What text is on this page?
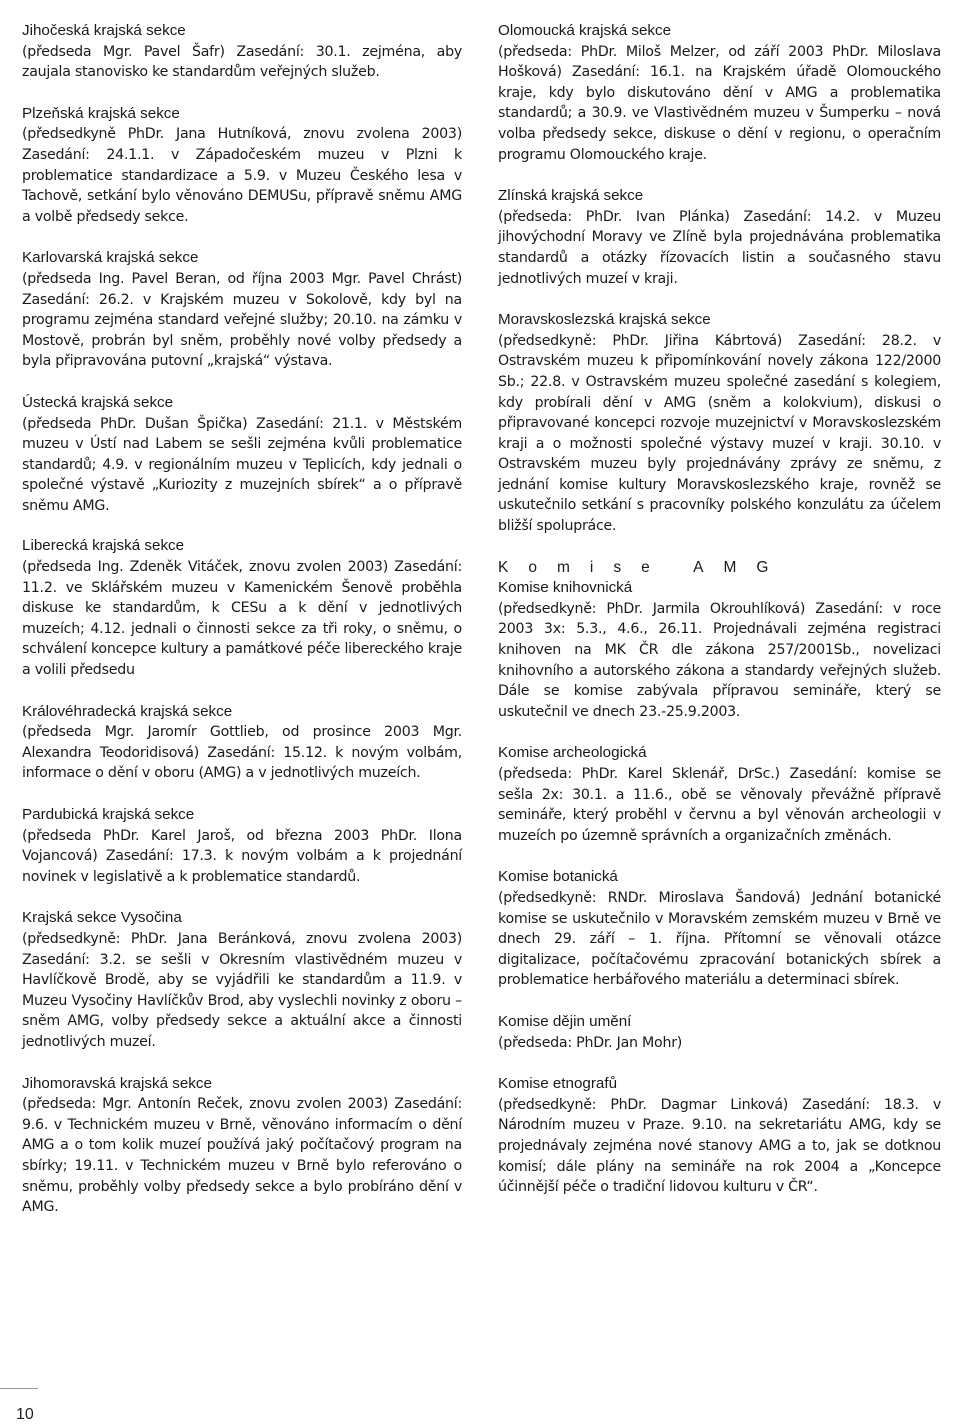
Jihočeská krajská sekce

(předseda Mgr. Pavel Šafr) Zasedání: 30.1. zejména, aby zaujala stanovisko ke standardům veřejných služeb.

Plzeňská krajská sekce

(předsedkyně PhDr. Jana Hutníková, znovu zvolena 2003) Zasedání: 24.1.1. v Západočeském muzeu v Plzni k problematice standardizace a 5.9. v Muzeu Českého lesa v Tachově, setkání bylo věnováno DEMUSu, přípravě sněmu AMG a volbě předsedy sekce.

Karlovarská krajská sekce

(předseda Ing. Pavel Beran, od října 2003 Mgr. Pavel Chrást) Zasedání: 26.2. v Krajském muzeu v Sokolově, kdy byl na programu zejména standard veřejné služby; 20.10. na zámku v Mostově, probrán byl sněm, proběhly nové volby předsedy a byla připravována putovní „krajská“ výstava.

Ústecká krajská sekce

(předseda PhDr. Dušan Špička) Zasedání: 21.1. v Městském muzeu v Ústí nad Labem se sešli zejména kvůli problematice standardů; 4.9. v regionálním muzeu v Teplicích, kdy jednali o společné výstavě „Kuriozity z muzejních sbírek“ a o přípravě sněmu AMG.

Liberecká krajská sekce

(předseda Ing. Zdeněk Vitáček, znovu zvolen 2003) Zasedání: 11.2. ve Sklářském muzeu v Kamenickém Šenově proběhla diskuse ke standardům, k CESu a k dění v jednotlivých muzeích; 4.12. jednali o činnosti sekce za tři roky, o sněmu, o schválení koncepce kultury a památkové péče libereckého kraje a volili předsedu

Královéhradecká krajská sekce

(předseda Mgr. Jaromír Gottlieb, od prosince 2003 Mgr. Alexandra Teodoridisová) Zasedání: 15.12. k novým volbám, informace o dění v oboru (AMG) a v jednotlivých muzeích.

Pardubická krajská sekce

(předseda PhDr. Karel Jaroš, od března 2003 PhDr. Ilona Vojancová) Zasedání: 17.3. k novým volbám a k projednání novinek v legislativě a k problematice standardů.

Krajská sekce Vysočina

(předsedkyně: PhDr. Jana Beránková, znovu zvolena 2003) Zasedání: 3.2. se sešli v Okresním vlastivědném muzeu v Havlíčkově Brodě, aby se vyjádřili ke standardům a 11.9. v Muzeu Vysočiny Havlíčkův Brod, aby vyslechli novinky z oboru – sněm AMG, volby předsedy sekce a aktuální akce a činnosti jednotlivých muzeí.

Jihomoravská krajská sekce

(předseda: Mgr. Antonín Reček, znovu zvolen 2003) Zasedání: 9.6. v Technickém muzeu v Brně, věnováno informacím o dění AMG a o tom kolik muzeí používá jaký počítačový program na sbírky; 19.11. v Technickém muzeu v Brně bylo referováno o sněmu, proběhly volby předsedy sekce a bylo probíráno dění v AMG.

Olomoucká krajská sekce

(předseda: PhDr. Miloš Melzer, od září 2003 PhDr. Miloslava Hošková) Zasedání: 16.1. na Krajském úřadě Olomouckého kraje, kdy bylo diskutováno dění v AMG a problematika standardů; a 30.9. ve Vlastivědném muzeu v Šumperku – nová volba předsedy sekce, diskuse o dění v regionu, o operačním programu Olomouckého kraje.

Zlínská krajská sekce

(předseda: PhDr. Ivan Plánka) Zasedání: 14.2. v Muzeu jihovýchodní Moravy ve Zlíně byla projednávána problematika standardů a otázky řízovacích listin a současného stavu jednotlivých muzeí v kraji.

Moravskoslezská krajská sekce

(předsedkyně: PhDr. Jiřina Kábrtová) Zasedání: 28.2. v Ostravském muzeu k připomínkování novely zákona 122/2000 Sb.; 22.8. v Ostravském muzeu společné zasedání s kolegiem, kdy probírali dění v AMG (sněm a kolokvium), diskusi o připravované koncepci rozvoje muzejnictví v Moravskoslezském kraji a o možnosti společné výstavy muzeí v kraji. 30.10. v Ostravském muzeu byly projednávány zprávy ze sněmu, z jednání komise kultury Moravskoslezského kraje, rovněž se uskutečnilo setkání s pracovníky polského konzulátu za účelem bližší spolupráce.

Komise AMG
Komise knihovnická

(předsedkyně: PhDr. Jarmila Okrouhlíková) Zasedání: v roce 2003 3x: 5.3., 4.6., 26.11. Projednávali zejména registraci knihoven na MK ČR dle zákona 257/2001Sb., novelizaci knihovního a autorského zákona a standardy veřejných služeb. Dále se komise zabývala přípravou semináře, který se uskutečnil ve dnech 23.-25.9.2003.

Komise archeologická

(předseda: PhDr. Karel Sklenář, DrSc.) Zasedání: komise se sešla 2x: 30.1. a 11.6., obě se věnovaly převážně přípravě semináře, který proběhl v červnu a byl věnován archeologii v muzeích po územně správních a organizačních změnách.

Komise botanická

(předsedkyně: RNDr. Miroslava Šandová) Jednání botanické komise se uskutečnilo v Moravském zemském muzeu v Brně ve dnech 29. září – 1. října. Přítomní se věnovali otázce digitalizace, počítačovému zpracování botanických sbírek a problematice herbářového materiálu a determinaci sbírek.

Komise dějin umění

(předseda: PhDr. Jan Mohr)

Komise etnografů

(předsedkyně: PhDr. Dagmar Linková) Zasedání: 18.3. v Národním muzeu v Praze. 9.10. na sekretariátu AMG, kdy se projednávaly zejména nové stanovy AMG a to, jak se dotknou komisí; dále plány na semináře na rok 2004 a „Koncepce účinnější péče o tradiční lidovou kulturu v ČR“.

10
